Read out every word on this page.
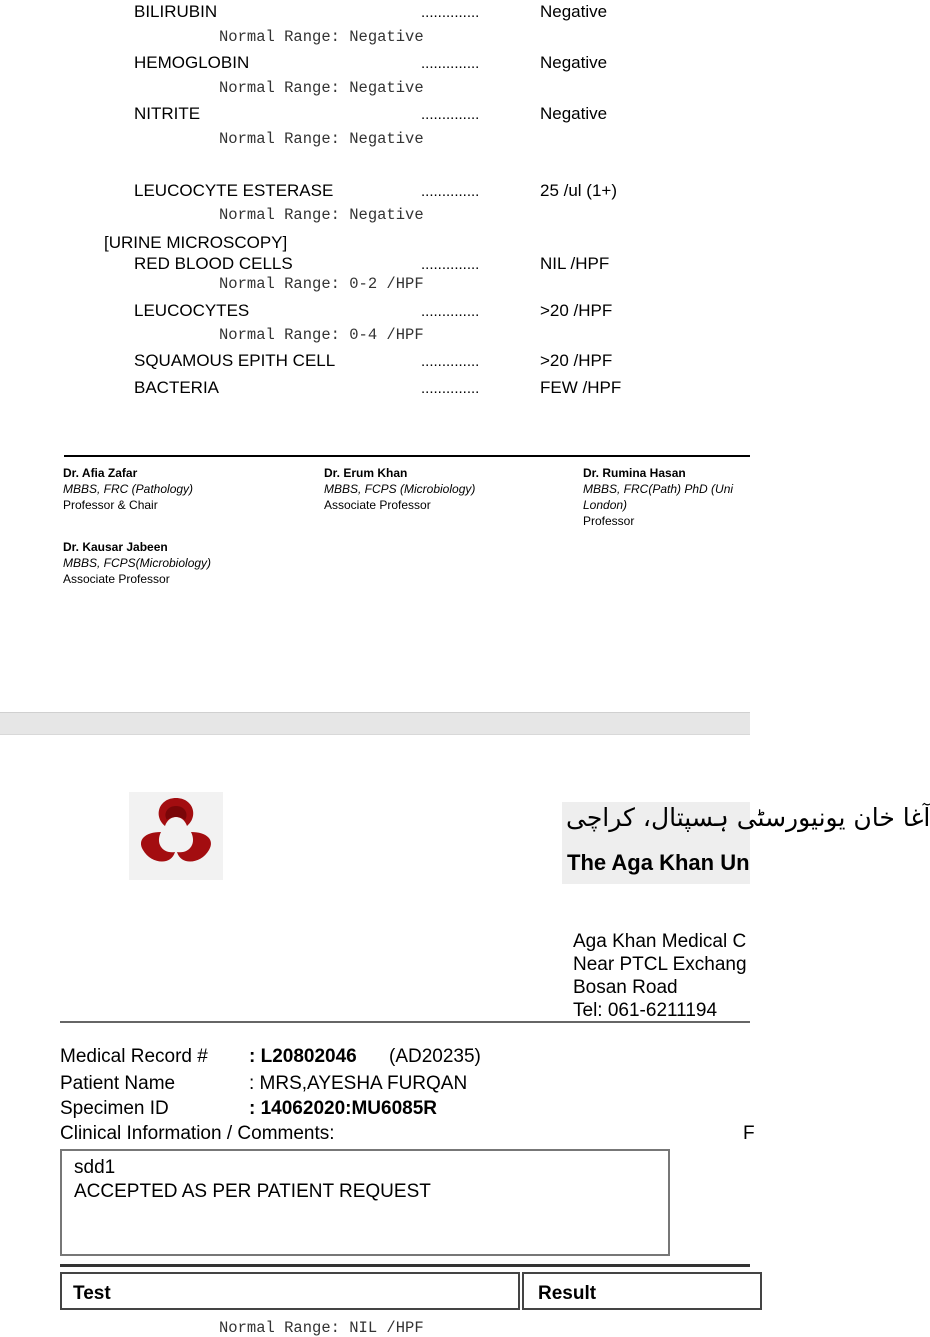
BILIRUBIN	..............	Negative
Normal Range: Negative
HEMOGLOBIN	..............	Negative
Normal Range: Negative
NITRITE	..............	Negative
Normal Range: Negative
LEUCOCYTE ESTERASE	..............	25 /ul (1+)
Normal Range: Negative
[URINE MICROSCOPY]
RED BLOOD CELLS	..............	NIL /HPF
Normal Range: 0-2 /HPF
LEUCOCYTES	..............	>20 /HPF
Normal Range: 0-4 /HPF
SQUAMOUS EPITH CELL	..............	>20 /HPF
BACTERIA	..............	FEW /HPF
Dr. Afia Zafar
MBBS, FRC (Pathology)
Professor & Chair
Dr. Erum Khan
MBBS, FCPS (Microbiology)
Associate Professor
Dr. Rumina Hasan
MBBS, FRC(Path) PhD (Uni
London)
Professor
Dr. Kausar Jabeen
MBBS, FCPS(Microbiology)
Associate Professor
آغا خان یونیورسٹی ہسپتال، کراچی
The Aga Khan Un
Aga Khan Medical C
Near PTCL Exchang
Bosan Road
Tel: 061-6211194
Medical Record # : L20802046 (AD20235)
Patient Name	: MRS,AYESHA FURQAN
Specimen ID	: 14062020:MU6085R
Clinical Information / Comments:	F
sdd1
ACCEPTED AS PER PATIENT REQUEST
Test	Result
Normal Range: NIL /HPF
